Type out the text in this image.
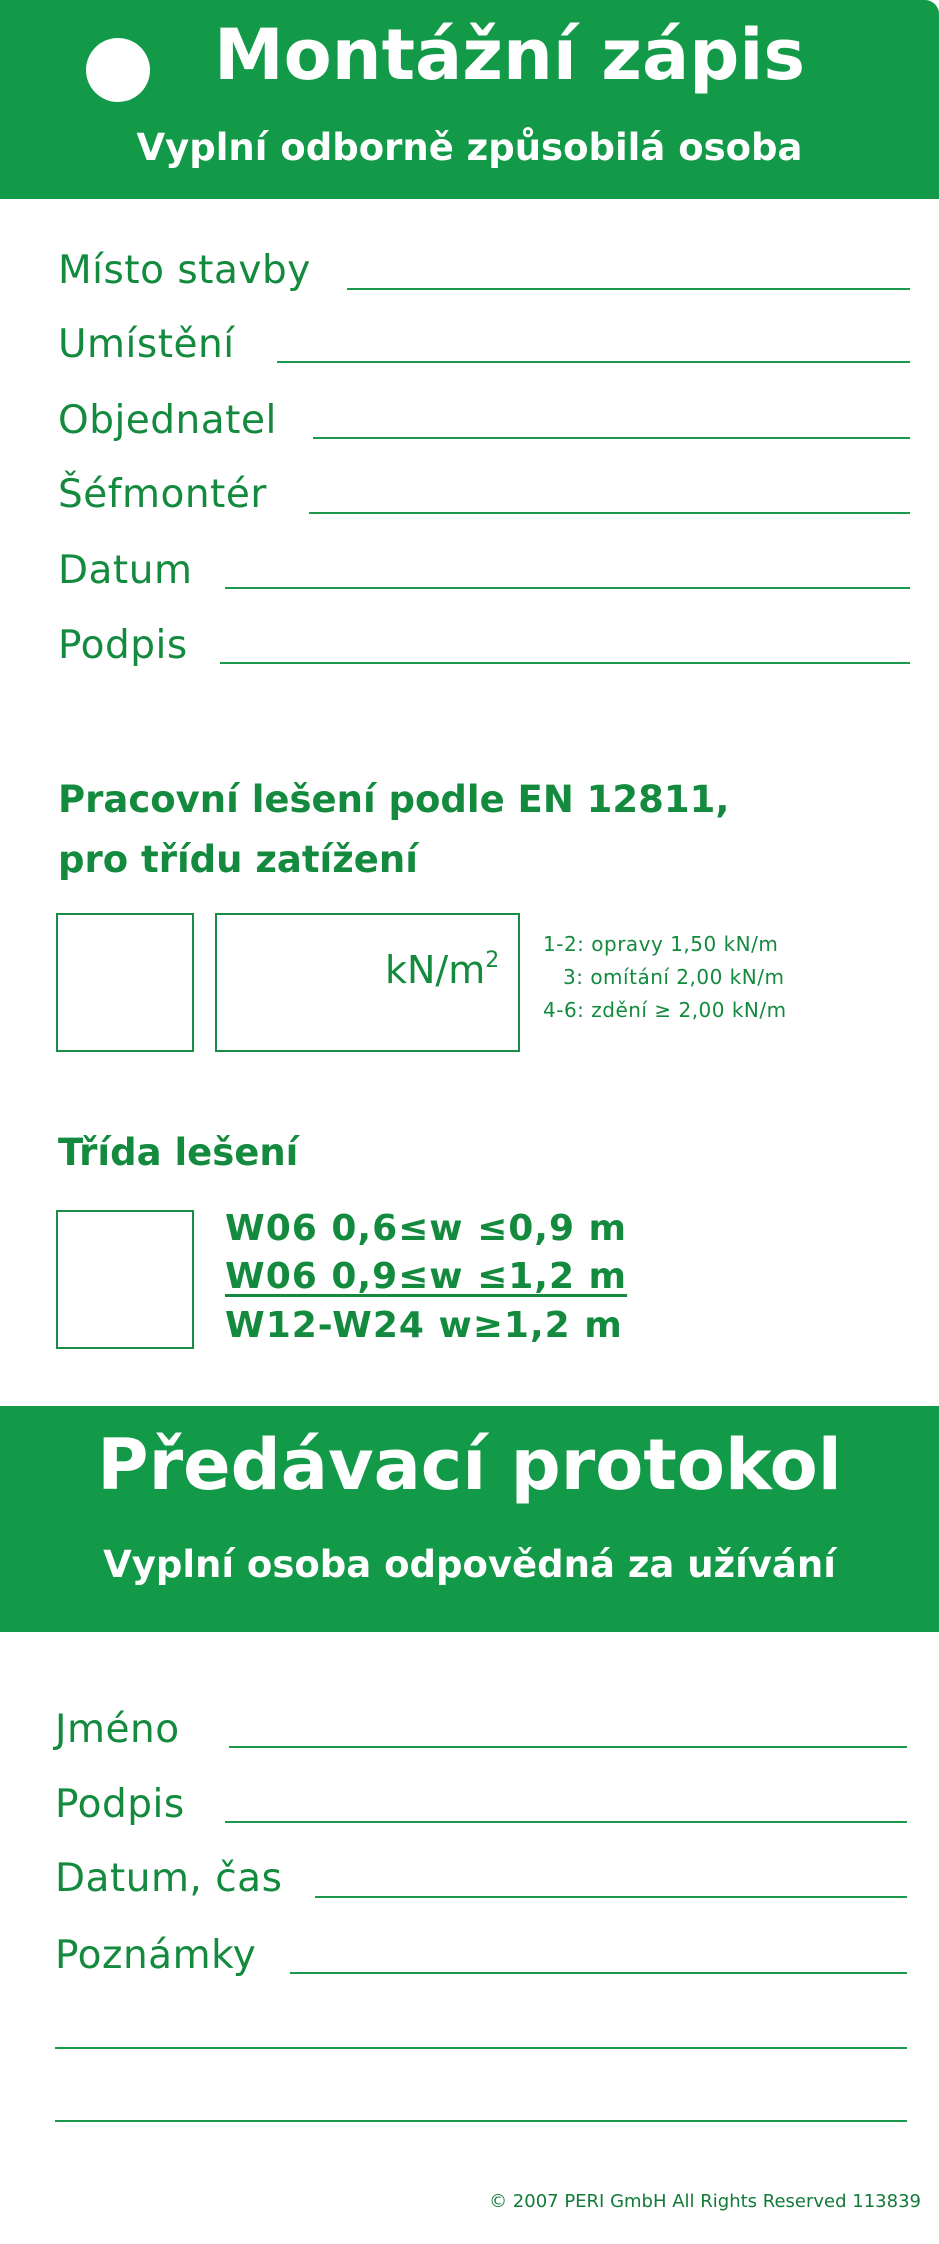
Montážní zápis
Vyplní odborně způsobilá osoba
Místo stavby
Umístění
Objednatel
Šéfmontér
Datum
Podpis
Pracovní lešení podle EN 12811,
pro třídu zatížení
$kN/m^2$
1-2: opravy 1,50 kN/m
3: omítání 2,00 kN/m
4-6: zdění ≥ 2,00 kN/m
Třída lešení
W06 0,6≤w ≤0,9 m
W06 0,9≤w ≤1,2 m
W12-W24 w≥1,2 m
Předávací protokol
Vyplní osoba odpovědná za užívání
Jméno
Podpis
Datum, čas
Poznámky
© 2007 PERI GmbH All Rights Reserved 113839
